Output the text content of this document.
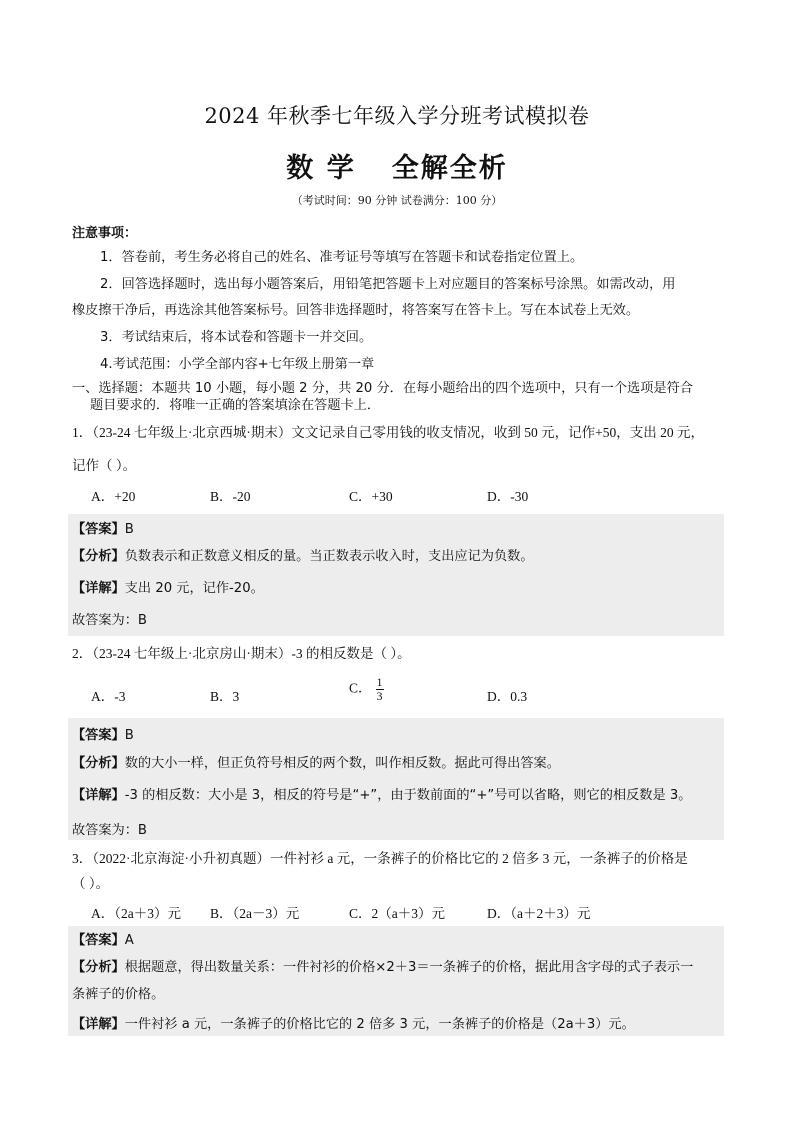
2024 年秋季七年级入学分班考试模拟卷
数 学 全解全析
（考试时间：90 分钟 试卷满分：100 分）
注意事项：
1．答卷前，考生务必将自己的姓名、准考证号等填写在答题卡和试卷指定位置上。
2．回答选择题时，选出每小题答案后，用铅笔把答题卡上对应题目的答案标号涂黑。如需改动，用
橡皮擦干净后，再选涂其他答案标号。回答非选择题时，将答案写在答卡上。写在本试卷上无效。
3．考试结束后，将本试卷和答题卡一并交回。
4.考试范围：小学全部内容+七年级上册第一章
一、选择题：本题共 10 小题，每小题 2 分，共 20 分．在每小题给出的四个选项中，只有一个选项是符合
题目要求的．将唯一正确的答案填涂在答题卡上．
1．（23-24 七年级上·北京西城·期末）文文记录自己零用钱的收支情况，收到 50 元，记作+50，支出 20 元，
记作（ ）。
A．+20	B．-20	C．+30	D．-30
【答案】B
【分析】负数表示和正数意义相反的量。当正数表示收入时，支出应记为负数。
【详解】支出 20 元，记作-20。
故答案为：B
2．（23-24 七年级上·北京房山·期末）-3 的相反数是（ ）。
A．-3	B．3
C． $\frac{1}{3}$	D．0.3
【答案】B
【分析】数的大小一样，但正负符号相反的两个数，叫作相反数。据此可得出答案。
【详解】-3 的相反数：大小是 3，相反的符号是“+”，由于数前面的“+”号可以省略，则它的相反数是 3。
故答案为：B
3．（2022·北京海淀·小升初真题）一件衬衫 a 元，一条裤子的价格比它的 2 倍多 3 元，一条裤子的价格是
（ ）。
A．（2a＋3）元 B．（2a－3）元	C．2（a＋3）元	D．（a＋2＋3）元
【答案】A
【分析】根据题意，得出数量关系：一件衬衫的价格×2＋3＝一条裤子的价格，据此用含字母的式子表示一
条裤子的价格。
【详解】一件衬衫 a 元，一条裤子的价格比它的 2 倍多 3 元，一条裤子的价格是（2a＋3）元。
